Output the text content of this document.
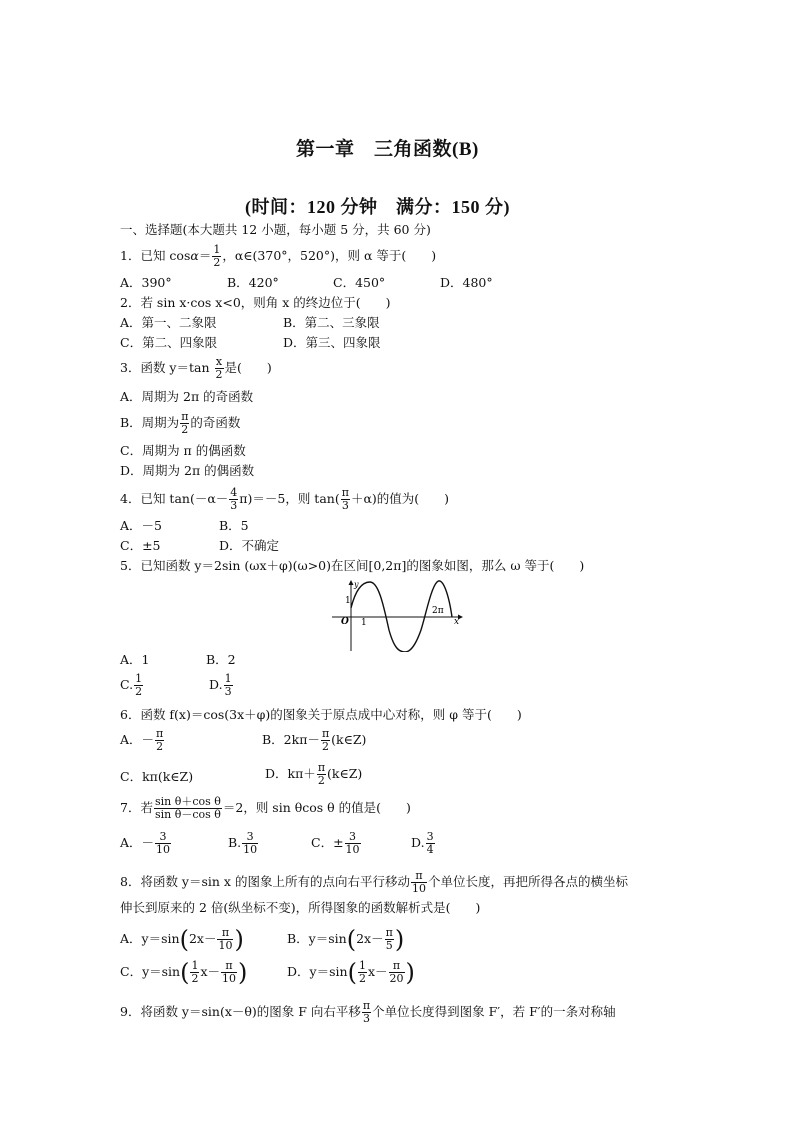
第一章　三角函数(B)
(时间：120 分钟　满分：150 分)
一、选择题(本大题共 12 小题，每小题 5 分，共 60 分)
1．已知 $\cos\alpha= \frac{1}{2}$ ，α∈(370°，520°)，则 α 等于(　　)
A．390°	B．420°	C．450°	D．480°
2．若 sin x·cos x<0，则角 x 的终边位于(　　)
A．第一、二象限	B．第二、三象限
C．第二、四象限	D．第三、四象限
3．函数 $y=\tan \frac{x}{2}$ 是(　　)
A．周期为 2π 的奇函数
B．周期为 $\frac{\pi}{2}$ 的奇函数
C．周期为 π 的偶函数
D．周期为 2π 的偶函数
4．已知 $\tan(-\alpha- \frac{4}{3} \pi)=-5$，则 $\tan( \frac{\pi}{3} +\alpha)$的值为(　　)
A．－5	B．5
C．±5	D．不确定
5．已知函数 y＝2sin (ωx＋φ)(ω>0)在区间[0,2π]的图象如图，那么 ω 等于(　　)
1
O 1
2π
x
y
A．1	B．2
C. $\frac{1}{2}$	D. $\frac{1}{3}$
6．函数 f(x)＝cos(3x＋φ)的图象关于原点成中心对称，则 φ 等于(　　)
A．－ $\frac{\pi}{2}$	B．$2k\pi- \frac{\pi}{2}$ (k∈Z)
C．kπ(k∈Z)	D．$k\pi+ \frac{\pi}{2}$ (k∈Z)
7．若 $\frac{\text{sin θ＋cos θ}}{\text{sin θ－cos θ}} =2$，则 sin θcos θ 的值是(　　)
A．－ $\frac{3}{10}$	B. $\frac{3}{10}$	C．± $\frac{3}{10}$	D. $\frac{3}{4}$
8．将函数 y＝sin x 的图象上所有的点向右平行移动 $\frac{\pi}{10}$ 个单位长度，再把所得各点的横坐标
伸长到原来的 2 倍(纵坐标不变)，所得图象的函数解析式是(　　)
A．$y=\sin(2x- \frac{\pi}{10}$ )	B．$y=\sin(2x- \frac{\pi}{5}$ )
C．$y=\sin( \frac{1}{2} x- \frac{\pi}{10}$ )	D．$y=\sin( \frac{1}{2} x- \frac{\pi}{20}$ )
9．将函数 y＝sin(x－θ)的图象 F 向右平移 $\frac{\pi}{3}$ 个单位长度得到图象 F′，若 F′的一条对称轴
